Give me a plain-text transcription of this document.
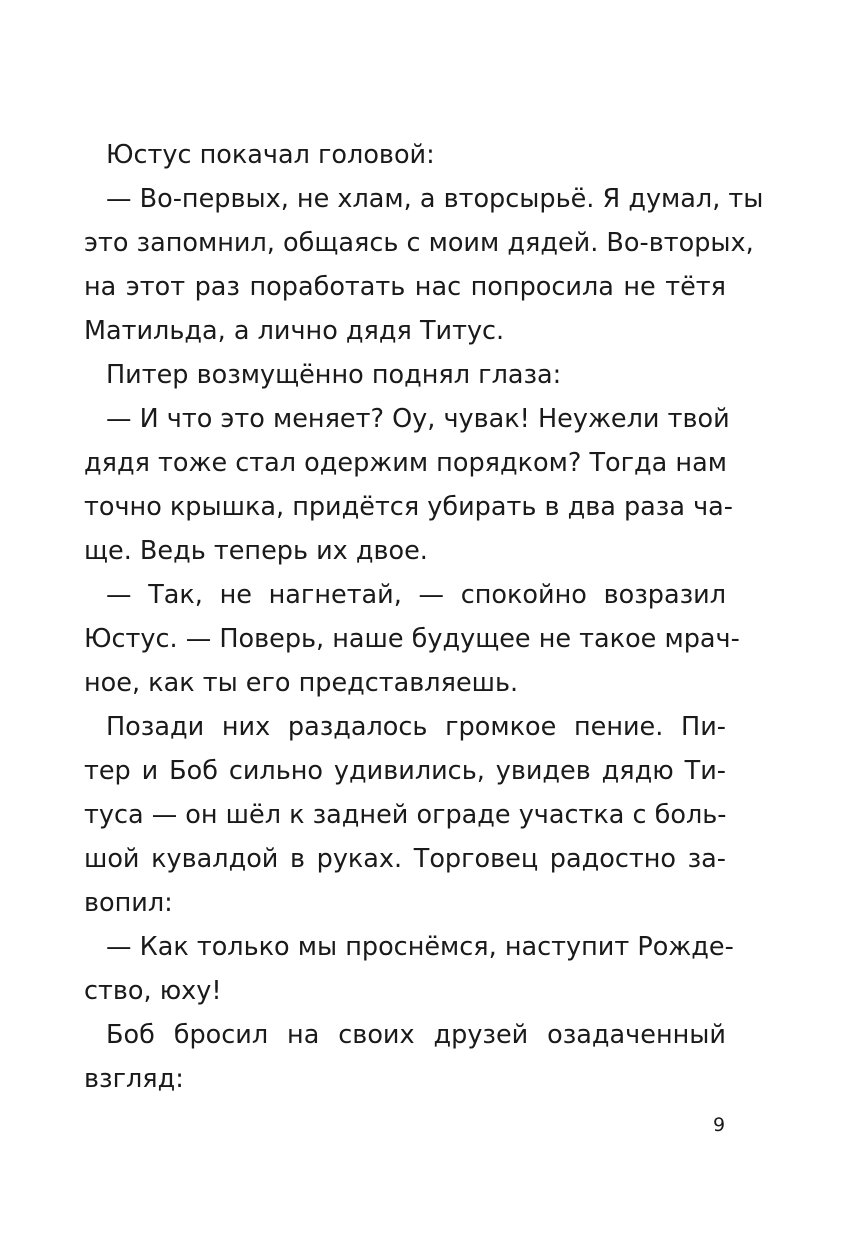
Юстус покачал головой:
— Во-первых, не хлам, а вторсырьё. Я думал, ты
это запомнил, общаясь с моим дядей. Во-вторых,
на этот раз поработать нас попросила не тётя
Матильда, а лично дядя Титус.
Питер возмущённо поднял глаза:
— И что это меняет? Оу, чувак! Неужели твой
дядя тоже стал одержим порядком? Тогда нам
точно крышка, придётся убирать в два раза ча-
ще. Ведь теперь их двое.
— Так, не нагнетай, — спокойно возразил
Юстус. — Поверь, наше будущее не такое мрач-
ное, как ты его представляешь.
Позади них раздалось громкое пение. Пи-
тер и Боб сильно удивились, увидев дядю Ти-
туса — он шёл к задней ограде участка с боль-
шой кувалдой в руках. Торговец радостно за-
вопил:
— Как только мы проснёмся, наступит Рожде-
ство, юху!
Боб бросил на своих друзей озадаченный
взгляд:
9
